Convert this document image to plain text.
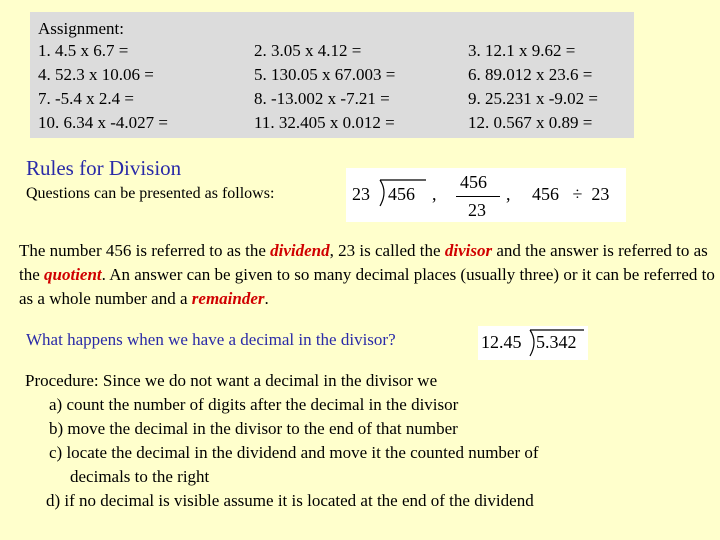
Assignment:
1. 4.5 x 6.7 =	2. 3.05 x 4.12 =	3. 12.1 x 9.62 =
4. 52.3 x 10.06 =	5. 130.05 x 67.003 =	6. 89.012 x 23.6 =
7. -5.4 x 2.4 =	8. -13.002 x -7.21 =	9. 25.231 x -9.02 =
10. 6.34 x -4.027 =	11. 32.405 x 0.012 =	12. 0.567 x 0.89 =
Rules for Division
Questions can be presented as follows:	23 456 ,
456
23
, 456   ÷  23
The number 456 is referred to as the dividend, 23 is called the divisor and the answer is referred to as the quotient. An answer can be given to so many decimal places (usually three) or it can be referred to as a whole number and a remainder.
What happens when we have a decimal in the divisor?	12.45 5.342
Procedure: Since we do not want a decimal in the divisor we
a) count the number of digits after the decimal in the divisor
b) move the decimal in the divisor to the end of that number
c) locate the decimal in the dividend and move it the counted number of
decimals to the right
d) if no decimal is visible assume it is located at the end of the dividend
